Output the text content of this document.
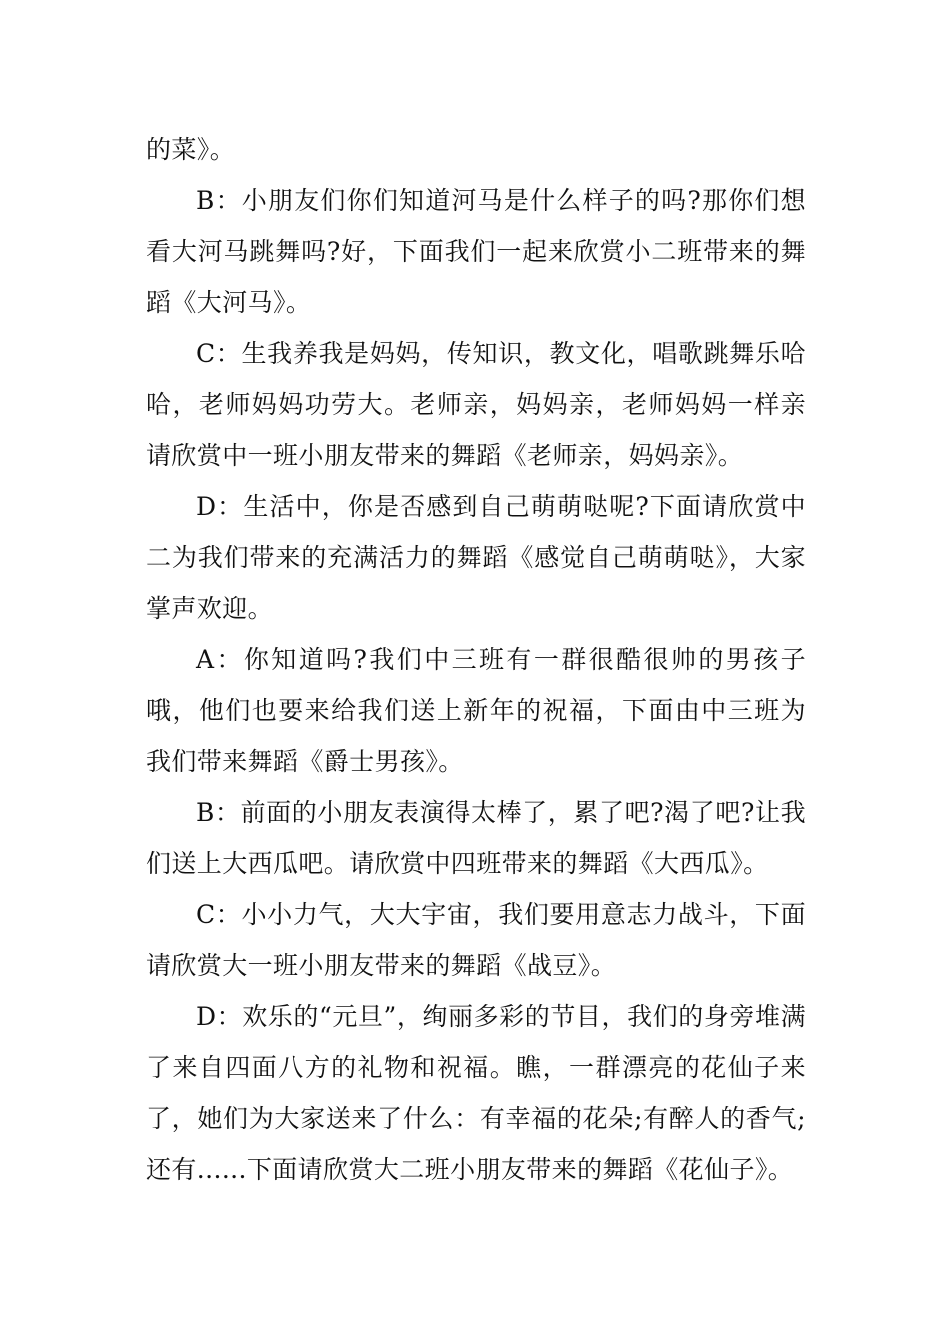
的菜》。

B：小朋友们你们知道河马是什么样子的吗?那你们想看大河马跳舞吗?好，下面我们一起来欣赏小二班带来的舞蹈《大河马》。

C：生我养我是妈妈，传知识，教文化，唱歌跳舞乐哈哈，老师妈妈功劳大。老师亲，妈妈亲，老师妈妈一样亲请欣赏中一班小朋友带来的舞蹈《老师亲，妈妈亲》。

D：生活中，你是否感到自己萌萌哒呢?下面请欣赏中二为我们带来的充满活力的舞蹈《感觉自己萌萌哒》，大家掌声欢迎。

A：你知道吗?我们中三班有一群很酷很帅的男孩子哦，他们也要来给我们送上新年的祝福，下面由中三班为我们带来舞蹈《爵士男孩》。

B：前面的小朋友表演得太棒了，累了吧?渴了吧?让我们送上大西瓜吧。请欣赏中四班带来的舞蹈《大西瓜》。

C：小小力气，大大宇宙，我们要用意志力战斗，下面请欣赏大一班小朋友带来的舞蹈《战豆》。

D：欢乐的“元旦”，绚丽多彩的节目，我们的身旁堆满了来自四面八方的礼物和祝福。瞧，一群漂亮的花仙子来了，她们为大家送来了什么：有幸福的花朵;有醉人的香气;还有......下面请欣赏大二班小朋友带来的舞蹈《花仙子》。
